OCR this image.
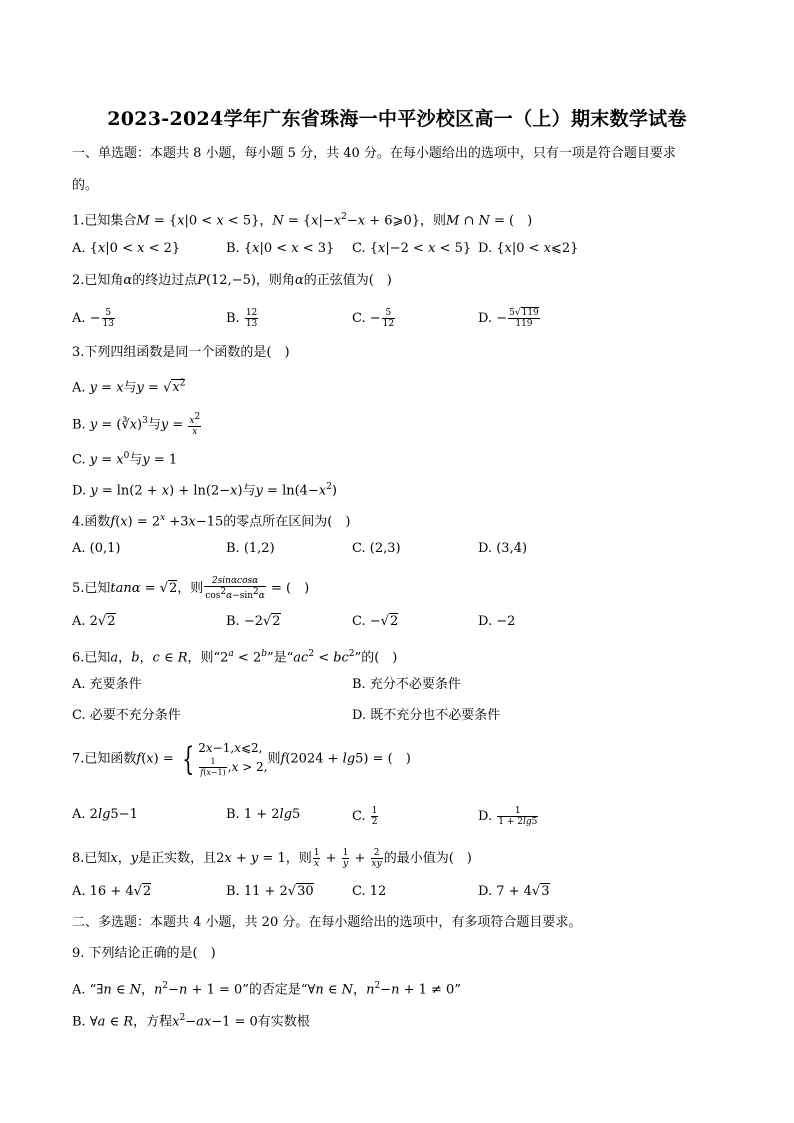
2023-2024学年广东省珠海一中平沙校区高一（上）期末数学试卷
一、单选题：本题共 8 小题，每小题 5 分，共 40 分。在每小题给出的选项中，只有一项是符合题目要求
的。
1.已知集合M = {x|0 < x < 5}，$N = \{x|-x^2-x$ + 6⩾0}，则M ∩ N = (　)
A. {x|0 < x < 2}	B. {x|0 < x < 3} C. {x|−2 < x < 5} D. {x|0 < x⩽2}
2.已知角α的终边过点P(12,−5)，则角α的正弦值为(　)
A. − $\frac{5}{13}$	B. $\frac{12}{13}$	C. − $\frac{5}{12}$	D. − $\frac{5√119}{119}$
3.下列四组函数是同一个函数的是(　)
A. y = x与$y = √x^2$
B. y = (∛x)$^3$与$y = \frac{x^2}{x}$
C. $y = x^0$与y = 1
D. y = ln(2 + x) + ln(2−x)与$y = \ln(4-x^2)$
4.函数$f(x) = 2^x +3x-15$的零点所在区间为(　)
A. (0,1)	B. (1,2)	C. (2,3)	D. (3,4)
5.已知tanα = √2，则 $\frac{2\sin\alpha\cos\alpha}{\cos^2\alpha-\sin^2\alpha}$ = (　)
A. 2√2	B. −2√2	C. −√2	D. −2
6.已知a，b，c ∈ R，则“$2^a < 2^b$”是“$ac^2 < bc^2$”的(　)
A. 充要条件	B. 充分不必要条件
C. 必要不充分条件	D. 既不充分也不必要条件
7.已知函数f(x) = { 2x−1,x⩽2,

$\frac{1}{f(x-1)} ,x > 2$,则f(2024 + lg5) = (　)
A. 2lg5−1	B. 1 + 2lg5	C. $\frac{1}{2}$	D. $\frac{1}{1 + 2\lg 5}$
8.已知x，y是正实数，且2x + y = 1，则 $\frac{1}{x} + \frac{1}{y} + \frac{2}{xy}$ 的最小值为(　)
A. 16 + 4√2	B. 11 + 2√30	C. 12	D. 7 + 4√3
二、多选题：本题共 4 小题，共 20 分。在每小题给出的选项中，有多项符合题目要求。
9. 下列结论正确的是(　)
A. “∃n ∈ N，$n^2-n + 1 = 0$”的否定是“∀n ∈ N，$n^2-n + 1 \ne 0$”
B. ∀a ∈ R，方程$x^2-ax-1 = 0$有实数根
